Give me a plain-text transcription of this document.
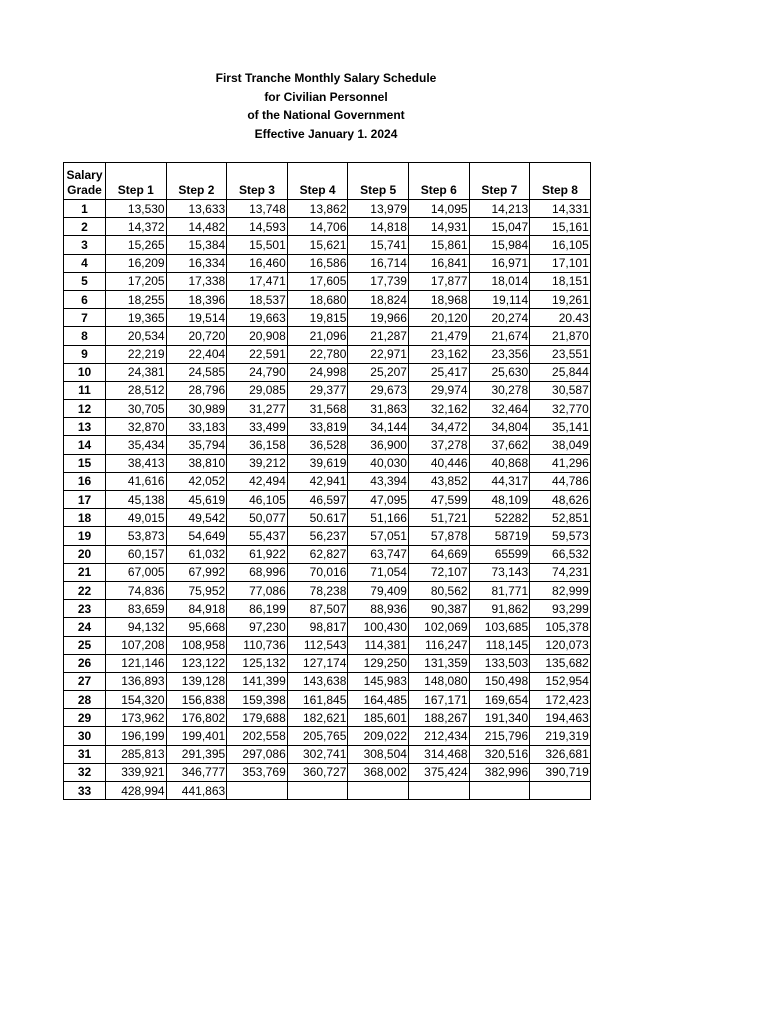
First Tranche Monthly Salary Schedule
for Civilian Personnel
of the National Government
Effective January 1. 2024
Salary
Grade	Step 1	Step 2	Step 3	Step 4	Step 5	Step 6	Step 7	Step 8
1	13,530	13,633	13,748	13,862	13,979	14,095	14,213	14,331
2	14,372	14,482	14,593	14,706	14,818	14,931	15,047	15,161
3	15,265	15,384	15,501	15,621	15,741	15,861	15,984	16,105
4	16,209	16,334	16,460	16,586	16,714	16,841	16,971	17,101
5	17,205	17,338	17,471	17,605	17,739	17,877	18,014	18,151
6	18,255	18,396	18,537	18,680	18,824	18,968	19,114	19,261
7	19,365	19,514	19,663	19,815	19,966	20,120	20,274	20.43
8	20,534	20,720	20,908	21,096	21,287	21,479	21,674	21,870
9	22,219	22,404	22,591	22,780	22,971	23,162	23,356	23,551
10	24,381	24,585	24,790	24,998	25,207	25,417	25,630	25,844
11	28,512	28,796	29,085	29,377	29,673	29,974	30,278	30,587
12	30,705	30,989	31,277	31,568	31,863	32,162	32,464	32,770
13	32,870	33,183	33,499	33,819	34,144	34,472	34,804	35,141
14	35,434	35,794	36,158	36,528	36,900	37,278	37,662	38,049
15	38,413	38,810	39,212	39,619	40,030	40,446	40,868	41,296
16	41,616	42,052	42,494	42,941	43,394	43,852	44,317	44,786
17	45,138	45,619	46,105	46,597	47,095	47,599	48,109	48,626
18	49,015	49,542	50,077	50.617	51,166	51,721	52282	52,851
19	53,873	54,649	55,437	56,237	57,051	57,878	58719	59,573
20	60,157	61,032	61,922	62,827	63,747	64,669	65599	66,532
21	67,005	67,992	68,996	70,016	71,054	72,107	73,143	74,231
22	74,836	75,952	77,086	78,238	79,409	80,562	81,771	82,999
23	83,659	84,918	86,199	87,507	88,936	90,387	91,862	93,299
24	94,132	95,668	97,230	98,817	100,430	102,069	103,685	105,378
25	107,208	108,958	110,736	112,543	114,381	116,247	118,145	120,073
26	121,146	123,122	125,132	127,174	129,250	131,359	133,503	135,682
27	136,893	139,128	141,399	143,638	145,983	148,080	150,498	152,954
28	154,320	156,838	159,398	161,845	164,485	167,171	169,654	172,423
29	173,962	176,802	179,688	182,621	185,601	188,267	191,340	194,463
30	196,199	199,401	202,558	205,765	209,022	212,434	215,796	219,319
31	285,813	291,395	297,086	302,741	308,504	314,468	320,516	326,681
32	339,921	346,777	353,769	360,727	368,002	375,424	382,996	390,719
33	428,994	441,863						
